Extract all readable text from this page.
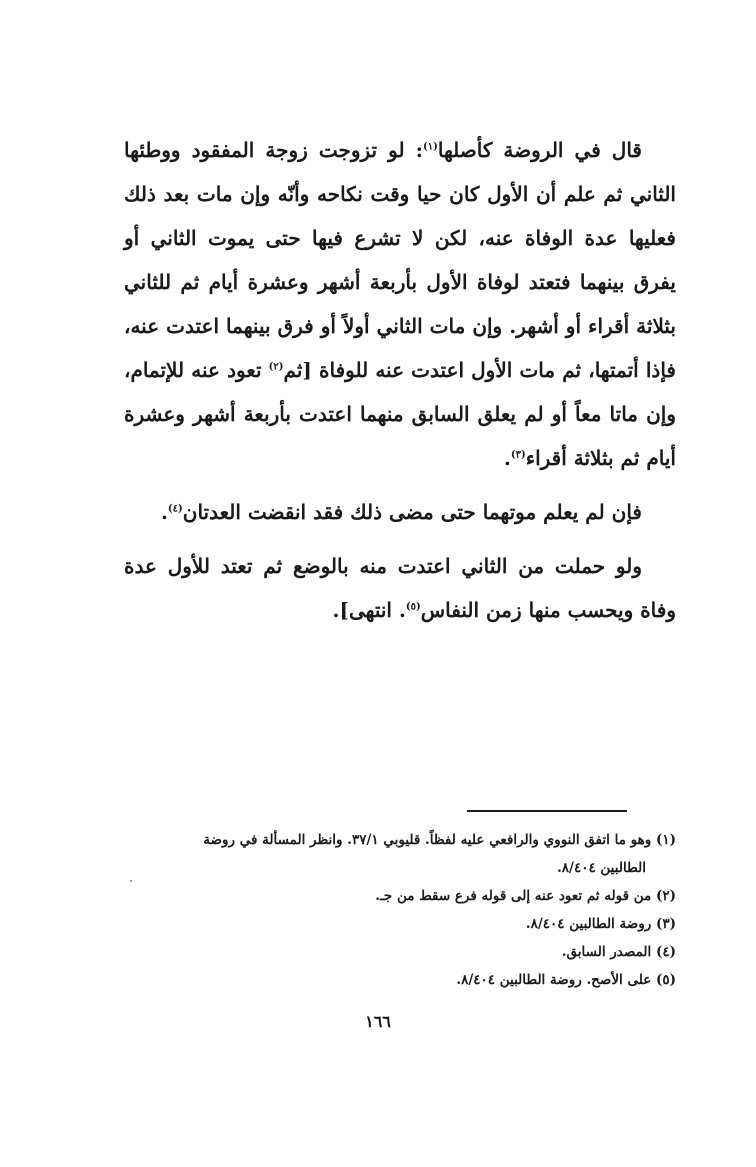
قال في الروضة كأصلها$^{(١)}$: لو تزوجت زوجة المفقود ووطئها الثاني ثم علم أن الأول كان حيا وقت نكاحه وأنّه وإن مات بعد ذلك فعليها عدة الوفاة عنه، لكن لا تشرع فيها حتى يموت الثاني أو يفرق بينهما فتعتد لوفاة الأول بأربعة أشهر وعشرة أيام ثم للثاني بثلاثة أقراء أو أشهر. وإن مات الثاني أولاً أو فرق بينهما اعتدت عنه، فإذا أتمتها، ثم مات الأول اعتدت عنه للوفاة [ثم$^{(٢)}$ تعود عنه للإتمام، وإن ماتا معاً أو لم يعلق السابق منهما اعتدت بأربعة أشهر وعشرة أيام ثم بثلاثة أقراء$^{(٣)}$.

فإن لم يعلم موتهما حتى مضى ذلك فقد انقضت العدتان$^{(٤)}$.

ولو حملت من الثاني اعتدت منه بالوضع ثم تعتد للأول عدة وفاة ويحسب منها زمن النفاس$^{(٥)}$. انتهى].

(١) وهو ما اتفق النووي والرافعي عليه لفظاً. قليوبي ٣٧/١. وانظر المسألة في روضة

الطالبين ٨/٤٠٤.

(٢) من قوله ثم تعود عنه إلى قوله فرع سقط من جـ.

(٣) روضة الطالبين ٨/٤٠٤.

(٤) المصدر السابق.

(٥) على الأصح. روضة الطالبين ٨/٤٠٤.

١٦٦
